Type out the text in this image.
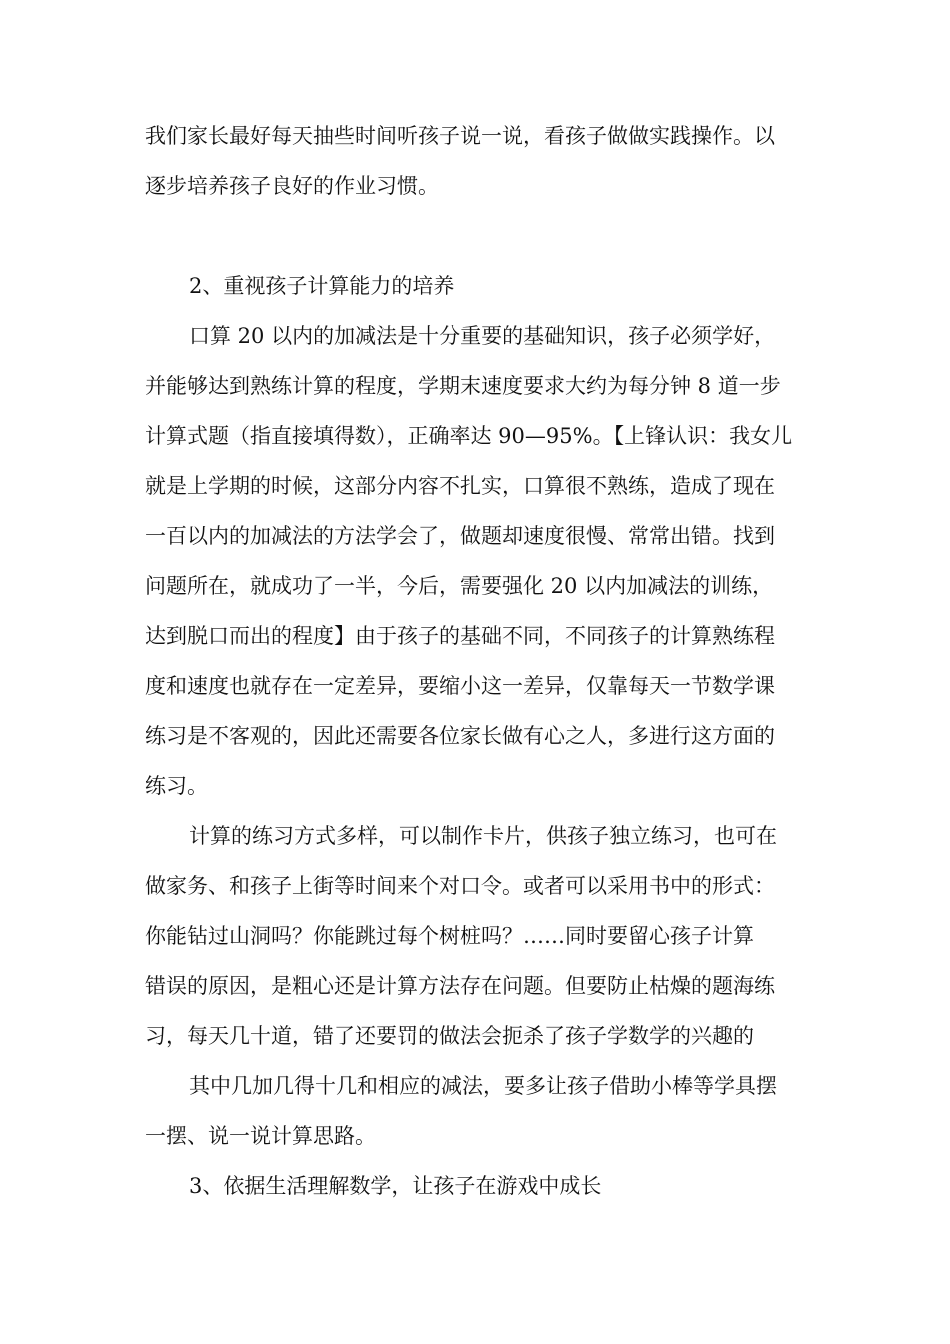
我们家长最好每天抽些时间听孩子说一说，看孩子做做实践操作。以
逐步培养孩子良好的作业习惯。
2、重视孩子计算能力的培养
口算 20 以内的加减法是十分重要的基础知识，孩子必须学好，
并能够达到熟练计算的程度，学期末速度要求大约为每分钟 8 道一步
计算式题（指直接填得数），正确率达 90—95%。【上锋认识：我女儿
就是上学期的时候，这部分内容不扎实，口算很不熟练，造成了现在
一百以内的加减法的方法学会了，做题却速度很慢、常常出错。找到
问题所在，就成功了一半，今后，需要强化 20 以内加减法的训练，
达到脱口而出的程度】由于孩子的基础不同，不同孩子的计算熟练程
度和速度也就存在一定差异，要缩小这一差异，仅靠每天一节数学课
练习是不客观的，因此还需要各位家长做有心之人，多进行这方面的
练习。
计算的练习方式多样，可以制作卡片，供孩子独立练习，也可在
做家务、和孩子上街等时间来个对口令。或者可以采用书中的形式：
你能钻过山洞吗？你能跳过每个树桩吗？……同时要留心孩子计算
错误的原因，是粗心还是计算方法存在问题。但要防止枯燥的题海练
习，每天几十道，错了还要罚的做法会扼杀了孩子学数学的兴趣的
其中几加几得十几和相应的减法，要多让孩子借助小棒等学具摆
一摆、说一说计算思路。
3、依据生活理解数学，让孩子在游戏中成长
